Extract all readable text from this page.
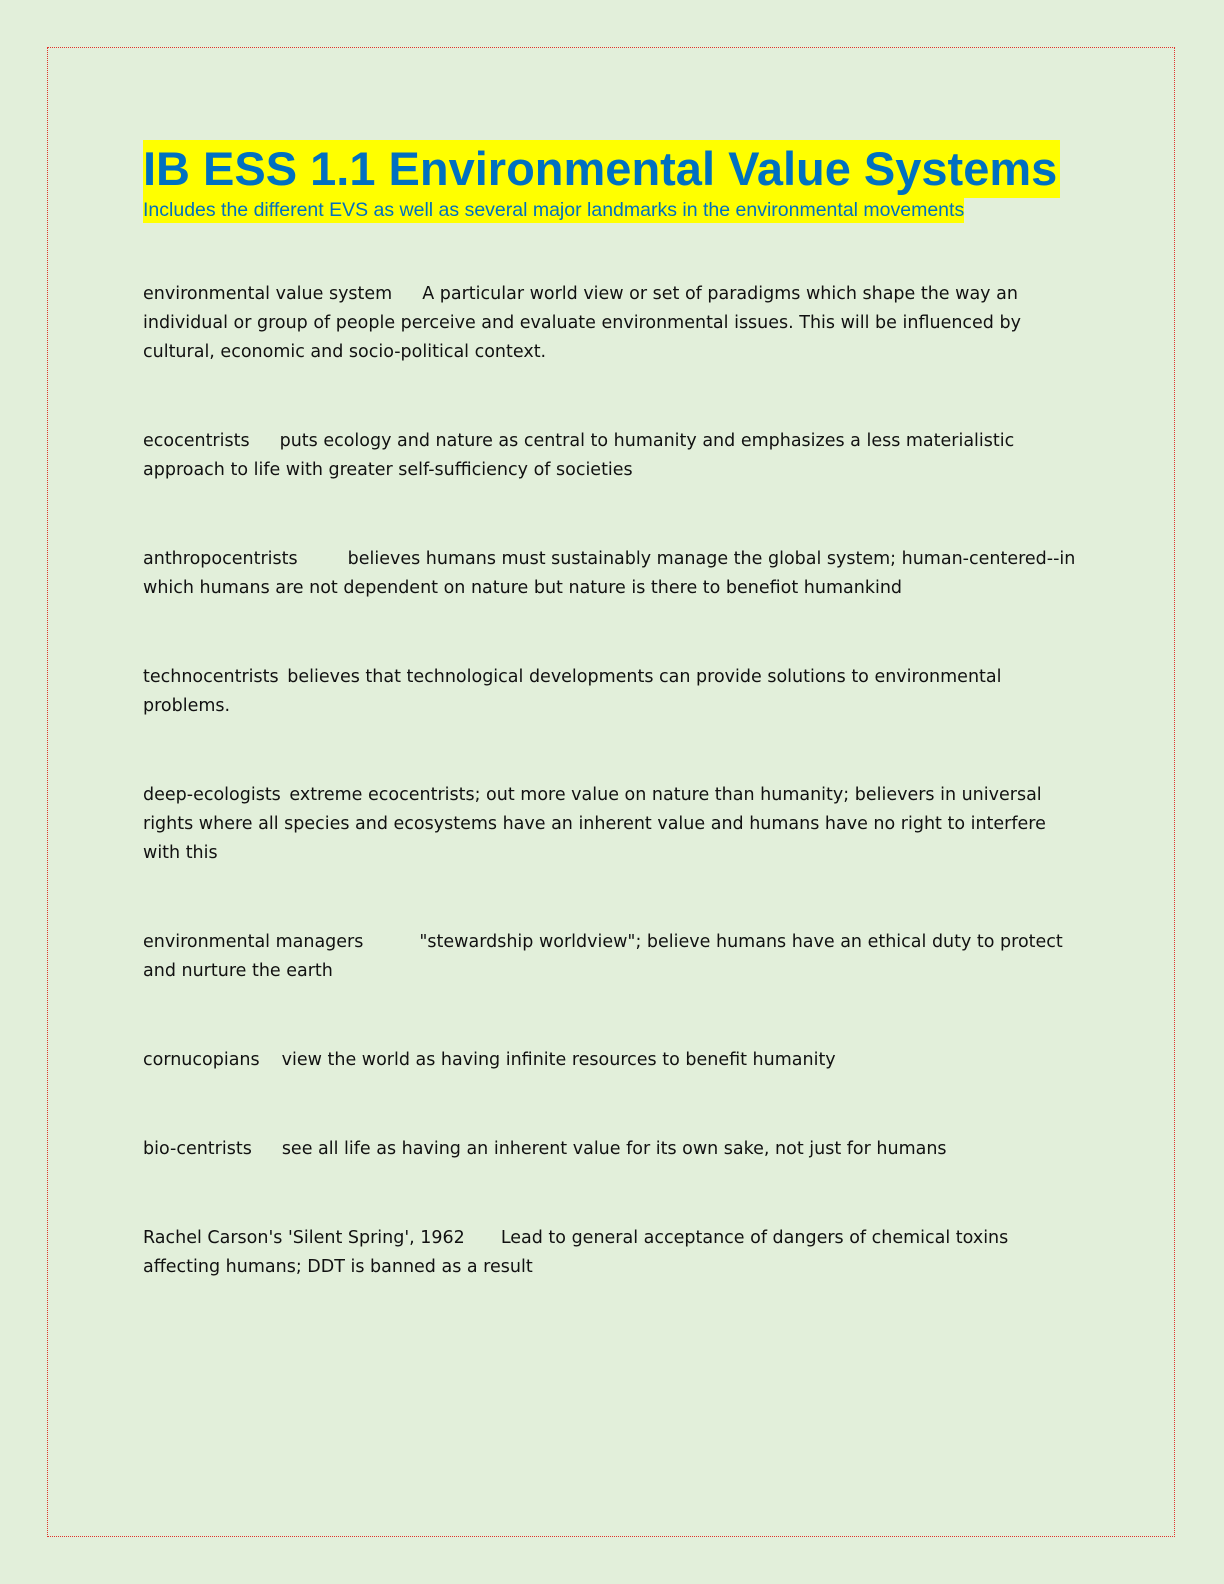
IB ESS 1.1 Environmental Value Systems

Includes the different EVS as well as several major landmarks in the environmental movements

environmental value system A particular world view or set of paradigms which shape the way an individual or group of people perceive and evaluate environmental issues. This will be influenced by cultural, economic and socio-political context.

ecocentrists puts ecology and nature as central to humanity and emphasizes a less materialistic approach to life with greater self-sufficiency of societies

anthropocentrists	believes humans must sustainably manage the global system; human-centered--in which humans are not dependent on nature but nature is there to benefiot humankind

technocentrists believes that technological developments can provide solutions to environmental problems.

deep-ecologists extreme ecocentrists; out more value on nature than humanity; believers in universal rights where all species and ecosystems have an inherent value and humans have no right to interfere with this

environmental managers	"stewardship worldview"; believe humans have an ethical duty to protect and nurture the earth

cornucopians view the world as having infinite resources to benefit humanity

bio-centrists see all life as having an inherent value for its own sake, not just for humans

Rachel Carson's 'Silent Spring', 1962 Lead to general acceptance of dangers of chemical toxins affecting humans; DDT is banned as a result
